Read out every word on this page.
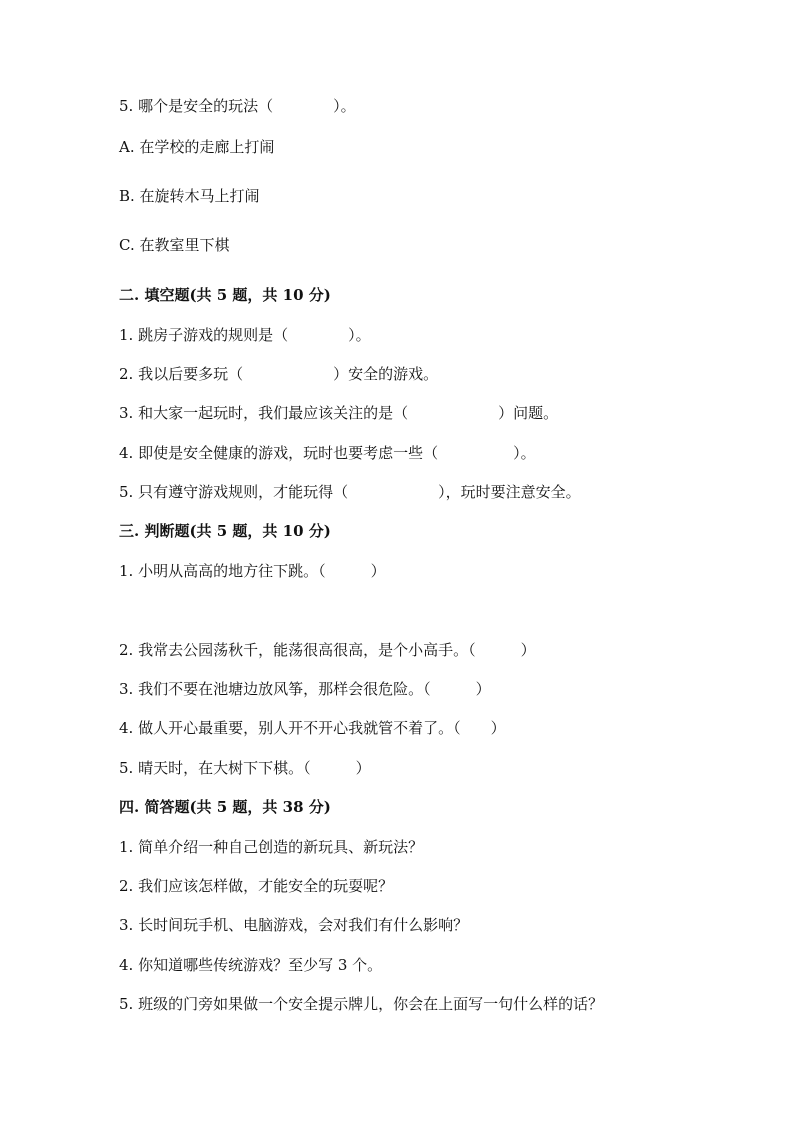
5. 哪个是安全的玩法（　　　　）。
A. 在学校的走廊上打闹
B. 在旋转木马上打闹
C. 在教室里下棋
二. 填空题(共 5 题，共 10 分)
1. 跳房子游戏的规则是（　　　　）。
2. 我以后要多玩（　　　　　　）安全的游戏。
3. 和大家一起玩时，我们最应该关注的是（　　　　　　）问题。
4. 即使是安全健康的游戏，玩时也要考虑一些（　　　　　）。
5. 只有遵守游戏规则，才能玩得（　　　　　　），玩时要注意安全。
三. 判断题(共 5 题，共 10 分)
1. 小明从高高的地方往下跳。（　　　）
2. 我常去公园荡秋千，能荡很高很高，是个小高手。（　　　）
3. 我们不要在池塘边放风筝，那样会很危险。（　　　）
4. 做人开心最重要，别人开不开心我就管不着了。（　　）
5. 晴天时，在大树下下棋。（　　　）
四. 简答题(共 5 题，共 38 分)
1. 简单介绍一种自己创造的新玩具、新玩法？
2. 我们应该怎样做，才能安全的玩耍呢？
3. 长时间玩手机、电脑游戏，会对我们有什么影响？
4. 你知道哪些传统游戏？至少写 3 个。
5. 班级的门旁如果做一个安全提示牌儿，你会在上面写一句什么样的话？
